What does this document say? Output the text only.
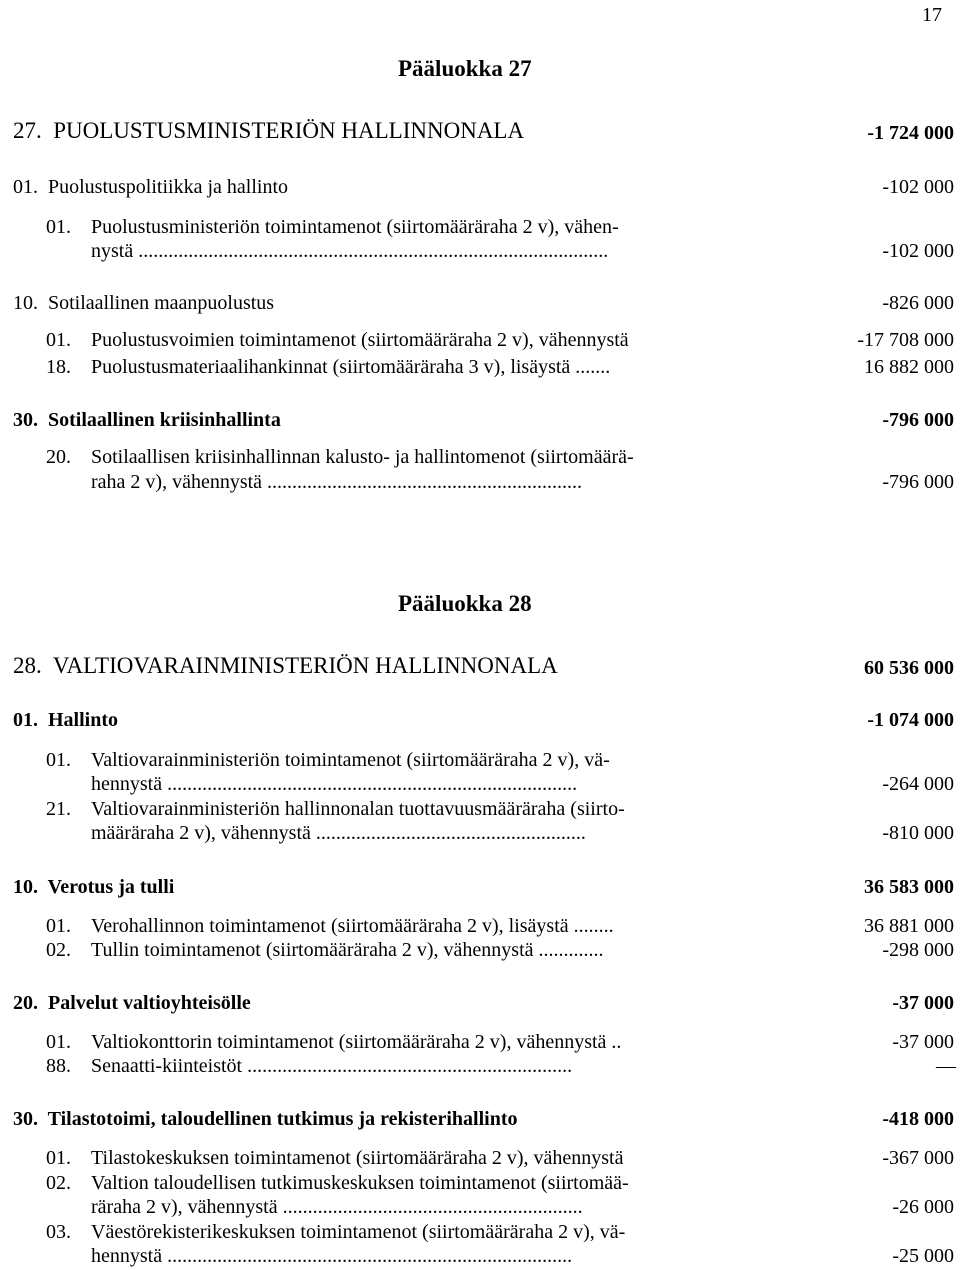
17
Pääluokka 27
27. PUOLUSTUSMINISTERIÖN HALLINNONALA	-1 724 000
01. Puolustuspolitiikka ja hallinto	-102 000
01. Puolustusministeriön toimintamenot (siirtomääräraha 2 v), vähen-
nystä ..............................................................................................	-102 000
10. Sotilaallinen maanpuolustus	-826 000
01. Puolustusvoimien toimintamenot (siirtomääräraha 2 v), vähennystä	-17 708 000
18. Puolustusmateriaalihankinnat (siirtomääräraha 3 v), lisäystä .......	16 882 000
30. Sotilaallinen kriisinhallinta	-796 000
20. Sotilaallisen kriisinhallinnan kalusto- ja hallintomenot (siirtomäärä-
raha 2 v), vähennystä ...............................................................	-796 000
Pääluokka 28
28. VALTIOVARAINMINISTERIÖN HALLINNONALA	60 536 000
01. Hallinto	-1 074 000
01. Valtiovarainministeriön toimintamenot (siirtomääräraha 2 v), vä-
hennystä ..................................................................................	-264 000
21. Valtiovarainministeriön hallinnonalan tuottavuusmääräraha (siirto-
määräraha 2 v), vähennystä ......................................................	-810 000
10. Verotus ja tulli	36 583 000
01. Verohallinnon toimintamenot (siirtomääräraha 2 v), lisäystä ........	36 881 000
02. Tullin toimintamenot (siirtomääräraha 2 v), vähennystä .............	-298 000
20. Palvelut valtioyhteisölle	-37 000
01. Valtiokonttorin toimintamenot (siirtomääräraha 2 v), vähennystä ..	-37 000
88. Senaatti-kiinteistöt .................................................................	—
30. Tilastotoimi, taloudellinen tutkimus ja rekisterihallinto	-418 000
01. Tilastokeskuksen toimintamenot (siirtomääräraha 2 v), vähennystä	-367 000
02. Valtion taloudellisen tutkimuskeskuksen toimintamenot (siirtomää-
räraha 2 v), vähennystä ............................................................	-26 000
03. Väestörekisterikeskuksen toimintamenot (siirtomääräraha 2 v), vä-
hennystä .................................................................................	-25 000
